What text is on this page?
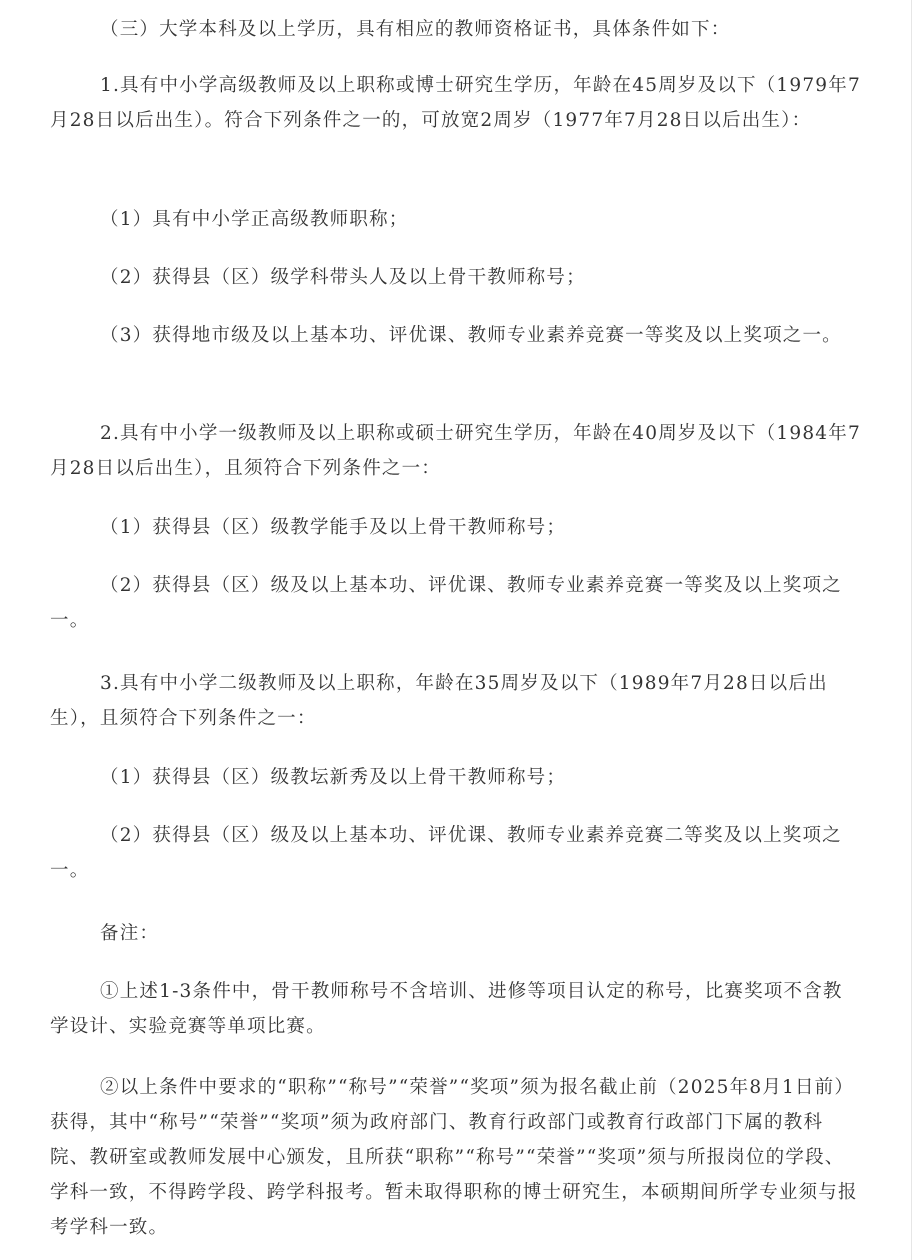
（三）大学本科及以上学历，具有相应的教师资格证书，具体条件如下：

1.具有中小学高级教师及以上职称或博士研究生学历，年龄在45周岁及以下（1979年7月28日以后出生）。符合下列条件之一的，可放宽2周岁（1977年7月28日以后出生）：

（1）具有中小学正高级教师职称；

（2）获得县（区）级学科带头人及以上骨干教师称号；

（3）获得地市级及以上基本功、评优课、教师专业素养竞赛一等奖及以上奖项之一。

2.具有中小学一级教师及以上职称或硕士研究生学历，年龄在40周岁及以下（1984年7月28日以后出生），且须符合下列条件之一：

（1）获得县（区）级教学能手及以上骨干教师称号；

（2）获得县（区）级及以上基本功、评优课、教师专业素养竞赛一等奖及以上奖项之一。

3.具有中小学二级教师及以上职称，年龄在35周岁及以下（1989年7月28日以后出生），且须符合下列条件之一：

（1）获得县（区）级教坛新秀及以上骨干教师称号；

（2）获得县（区）级及以上基本功、评优课、教师专业素养竞赛二等奖及以上奖项之一。

备注：

①上述1-3条件中，骨干教师称号不含培训、进修等项目认定的称号，比赛奖项不含教学设计、实验竞赛等单项比赛。

②以上条件中要求的“职称”“称号”“荣誉”“奖项”须为报名截止前（2025年8月1日前）获得，其中“称号”“荣誉”“奖项”须为政府部门、教育行政部门或教育行政部门下属的教科院、教研室或教师发展中心颁发，且所获“职称”“称号”“荣誉”“奖项”须与所报岗位的学段、学科一致，不得跨学段、跨学科报考。暂未取得职称的博士研究生，本硕期间所学专业须与报考学科一致。
